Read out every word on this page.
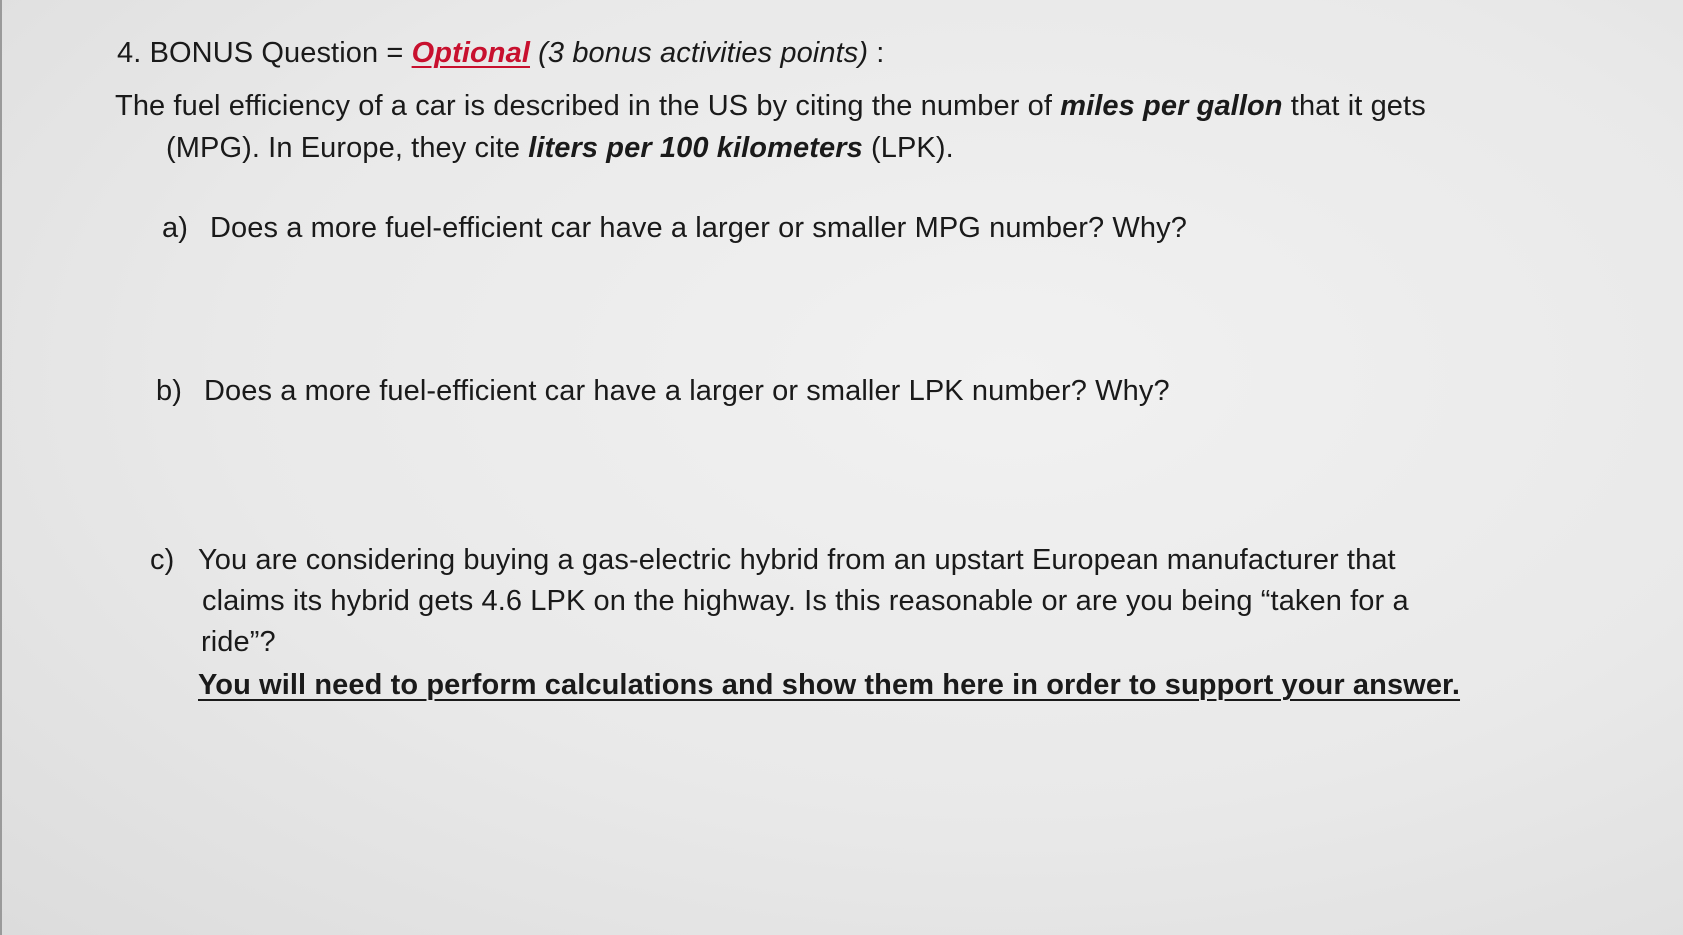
4. BONUS Question = Optional (3 bonus activities points) :
The fuel efficiency of a car is described in the US by citing the number of miles per gallon that it gets
(MPG). In Europe, they cite liters per 100 kilometers (LPK).
a) Does a more fuel-efficient car have a larger or smaller MPG number? Why?
b) Does a more fuel-efficient car have a larger or smaller LPK number? Why?
c) You are considering buying a gas-electric hybrid from an upstart European manufacturer that
claims its hybrid gets 4.6 LPK on the highway. Is this reasonable or are you being “taken for a
ride”?
You will need to perform calculations and show them here in order to support your answer.
